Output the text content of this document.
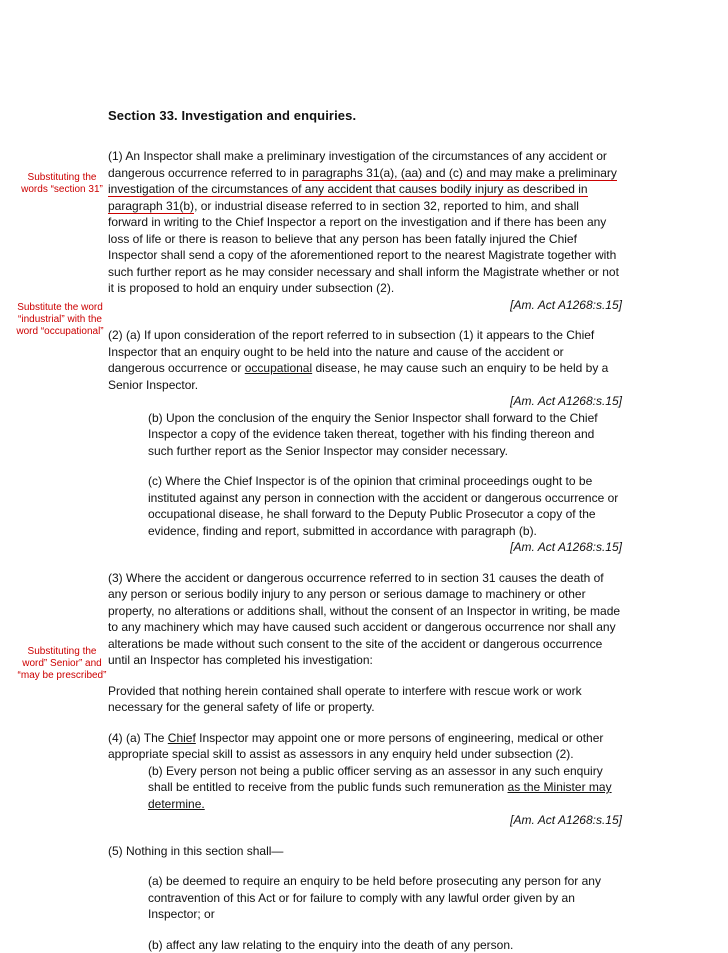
Section 33. Investigation and enquiries.
Substituting the words “section 31”
Substitute the word “industrial” with the word “occupational”
Substituting the word” Senior” and “may be prescribed”

(1) An Inspector shall make a preliminary investigation of the circumstances of any accident or dangerous occurrence referred to in paragraphs 31(a), (aa) and (c) and may make a preliminary investigation of the circumstances of any accident that causes bodily injury as described in paragraph 31(b), or industrial disease referred to in section 32, reported to him, and shall forward in writing to the Chief Inspector a report on the investigation and if there has been any loss of life or there is reason to believe that any person has been fatally injured the Chief Inspector shall send a copy of the aforementioned report to the nearest Magistrate together with such further report as he may consider necessary and shall inform the Magistrate whether or not it is proposed to hold an enquiry under subsection (2).

[Am. Act A1268:s.15]

(2) (a) If upon consideration of the report referred to in subsection (1) it appears to the Chief Inspector that an enquiry ought to be held into the nature and cause of the accident or dangerous occurrence or occupational disease, he may cause such an enquiry to be held by a Senior Inspector.

[Am. Act A1268:s.15]

(b) Upon the conclusion of the enquiry the Senior Inspector shall forward to the Chief Inspector a copy of the evidence taken thereat, together with his finding thereon and such further report as the Senior Inspector may consider necessary.

(c) Where the Chief Inspector is of the opinion that criminal proceedings ought to be instituted against any person in connection with the accident or dangerous occurrence or occupational disease, he shall forward to the Deputy Public Prosecutor a copy of the evidence, finding and report, submitted in accordance with paragraph (b).

[Am. Act A1268:s.15]

(3) Where the accident or dangerous occurrence referred to in section 31 causes the death of any person or serious bodily injury to any person or serious damage to machinery or other property, no alterations or additions shall, without the consent of an Inspector in writing, be made to any machinery which may have caused such accident or dangerous occurrence nor shall any alterations be made without such consent to the site of the accident or dangerous occurrence until an Inspector has completed his investigation:

Provided that nothing herein contained shall operate to interfere with rescue work or work necessary for the general safety of life or property.

(4) (a) The Chief Inspector may appoint one or more persons of engineering, medical or other appropriate special skill to assist as assessors in any enquiry held under subsection (2).

(b) Every person not being a public officer serving as an assessor in any such enquiry shall be entitled to receive from the public funds such remuneration as the Minister may determine.

[Am. Act A1268:s.15]

(5) Nothing in this section shall—

(a) be deemed to require an enquiry to be held before prosecuting any person for any contravention of this Act or for failure to comply with any lawful order given by an Inspector; or

(b) affect any law relating to the enquiry into the death of any person.
